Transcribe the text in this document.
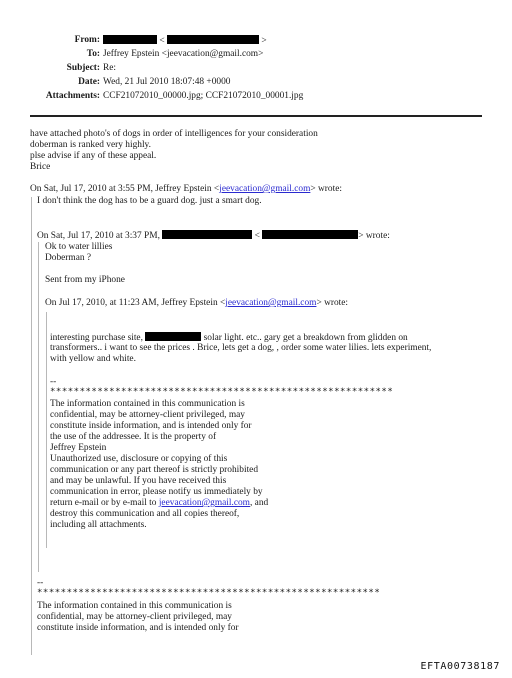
From:	<	>
To: Jeffrey Epstein <jeevacation@gmail.com>
Subject: Re:
Date: Wed, 21 Jul 2010 18:07:48 +0000
Attachments: CCF21072010_00000.jpg; CCF21072010_00001.jpg
have attached photo's of dogs in order of intelligences for your consideration
doberman is ranked very highly.
plse advise if any of these appeal.
Brice
On Sat, Jul 17, 2010 at 3:55 PM, Jeffrey Epstein <jeevacation@gmail.com> wrote:
I don't think the dog has to be a guard dog. just a smart dog.
On Sat, Jul 17, 2010 at 3:37 PM,	<	> wrote:
Ok to water lillies
Doberman ?
Sent from my iPhone
On Jul 17, 2010, at 11:23 AM, Jeffrey Epstein <jeevacation@gmail.com> wrote:
interesting purchase site,	solar light. etc.. gary get a breakdown from glidden on
transformers.. i want to see the prices . Brice, lets get a dog, , order some water lilies. lets experiment,
with yellow and white.
--
**********************************************************
The information contained in this communication is
confidential, may be attorney-client privileged, may
constitute inside information, and is intended only for
the use of the addressee. It is the property of
Jeffrey Epstein
Unauthorized use, disclosure or copying of this
communication or any part thereof is strictly prohibited
and may be unlawful. If you have received this
communication in error, please notify us immediately by
return e-mail or by e-mail to jeevacation@gmail.com, and
destroy this communication and all copies thereof,
including all attachments.
--
**********************************************************
The information contained in this communication is
confidential, may be attorney-client privileged, may
constitute inside information, and is intended only for
EFTA00738187
